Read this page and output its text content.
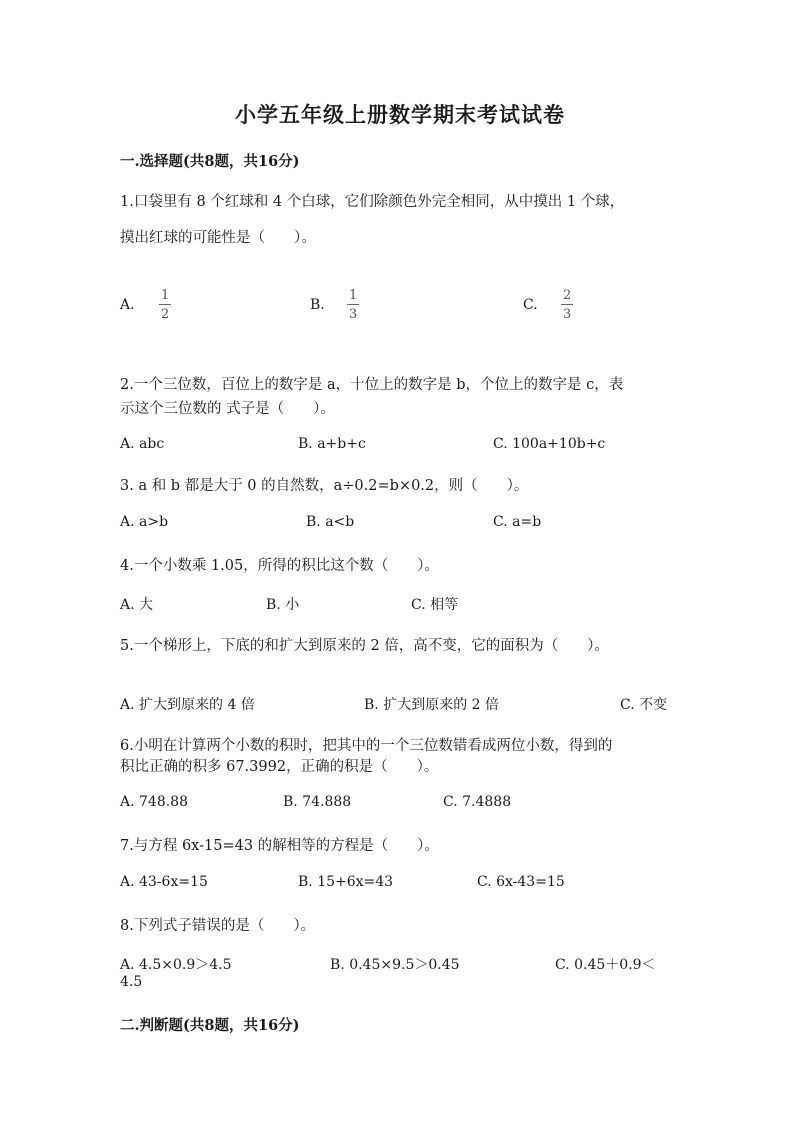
小学五年级上册数学期末考试试卷
一.选择题(共8题，共16分)
1.口袋里有 8 个红球和 4 个白球，它们除颜色外完全相同，从中摸出 1 个球，
摸出红球的可能性是（　　）。
A.
1
2
B.
1
3
C.
2
3
2.一个三位数，百位上的数字是 a，十位上的数字是 b，个位上的数字是 c，表
示这个三位数的 式子是（　　）。
A. abc	B. a+b+c	C. 100a+10b+c
3. a 和 b 都是大于 0 的自然数，a÷0.2=b×0.2，则（　　）。
A. a>b	B. a<b	C. a=b
4.一个小数乘 1.05，所得的积比这个数（　　）。
A. 大	B. 小	C. 相等
5.一个梯形上，下底的和扩大到原来的 2 倍，高不变，它的面积为（　　）。
A. 扩大到原来的 4 倍	B. 扩大到原来的 2 倍	C. 不变
6.小明在计算两个小数的积时，把其中的一个三位数错看成两位小数，得到的
积比正确的积多 67.3992，正确的积是（　　）。
A. 748.88	B. 74.888	C. 7.4888
7.与方程 6x-15=43 的解相等的方程是（　　）。
A. 43-6x=15	B. 15+6x=43	C. 6x-43=15
8.下列式子错误的是（　　）。
A. 4.5×0.9＞4.5	B. 0.45×9.5＞0.45	C. 0.45＋0.9＜
4.5
二.判断题(共8题，共16分)
